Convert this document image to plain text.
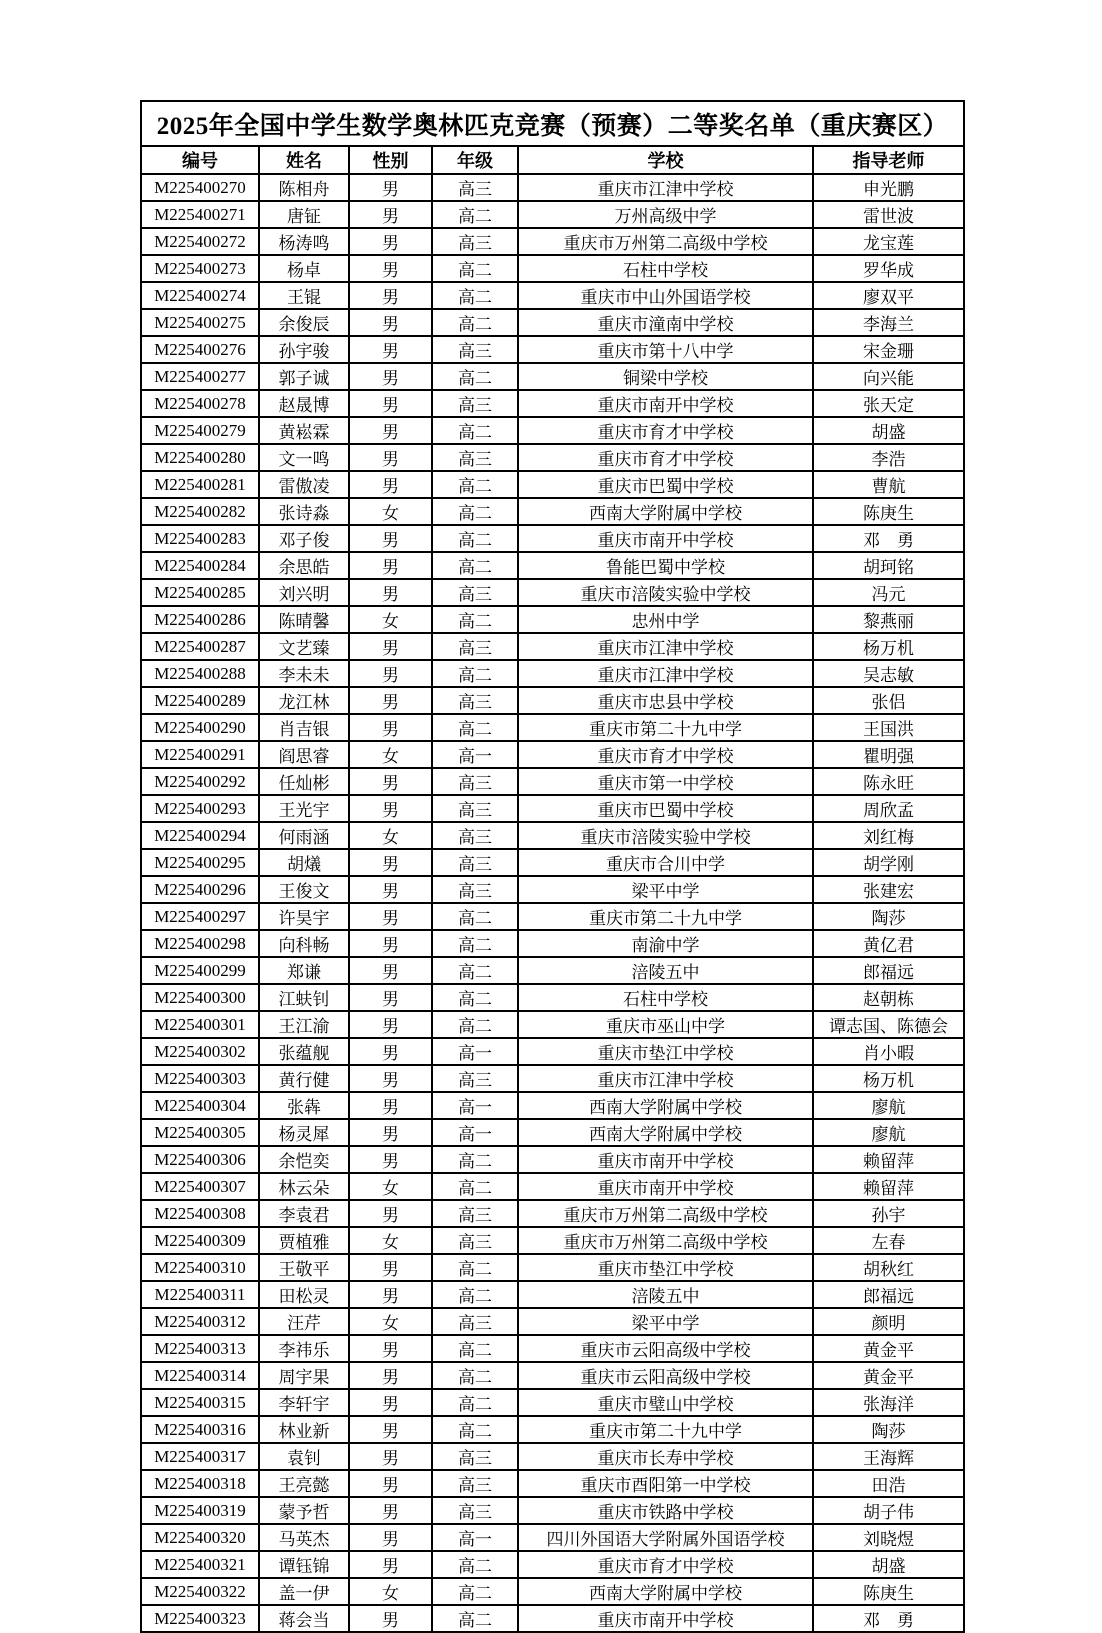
2025年全国中学生数学奥林匹克竞赛（预赛）二等奖名单（重庆赛区）					
编号	姓名	性别	年级	学校	指导老师
M225400270	陈相舟	男	高三	重庆市江津中学校	申光鹏
M225400271	唐钲	男	高二	万州高级中学	雷世波
M225400272	杨涛鸣	男	高三	重庆市万州第二高级中学校	龙宝莲
M225400273	杨卓	男	高二	石柱中学校	罗华成
M225400274	王锟	男	高二	重庆市中山外国语学校	廖双平
M225400275	余俊辰	男	高二	重庆市潼南中学校	李海兰
M225400276	孙宇骏	男	高三	重庆市第十八中学	宋金珊
M225400277	郭子诚	男	高二	铜梁中学校	向兴能
M225400278	赵晟博	男	高三	重庆市南开中学校	张天定
M225400279	黄崧霖	男	高二	重庆市育才中学校	胡盛
M225400280	文一鸣	男	高三	重庆市育才中学校	李浩
M225400281	雷傲凌	男	高二	重庆市巴蜀中学校	曹航
M225400282	张诗淼	女	高二	西南大学附属中学校	陈庚生
M225400283	邓子俊	男	高二	重庆市南开中学校	邓　勇
M225400284	余思皓	男	高二	鲁能巴蜀中学校	胡珂铭
M225400285	刘兴明	男	高三	重庆市涪陵实验中学校	冯元
M225400286	陈晴馨	女	高二	忠州中学	黎燕丽
M225400287	文艺臻	男	高三	重庆市江津中学校	杨万机
M225400288	李未未	男	高二	重庆市江津中学校	吴志敏
M225400289	龙江林	男	高三	重庆市忠县中学校	张侣
M225400290	肖吉银	男	高二	重庆市第二十九中学	王国洪
M225400291	阎思睿	女	高一	重庆市育才中学校	瞿明强
M225400292	任灿彬	男	高三	重庆市第一中学校	陈永旺
M225400293	王光宇	男	高三	重庆市巴蜀中学校	周欣孟
M225400294	何雨涵	女	高三	重庆市涪陵实验中学校	刘红梅
M225400295	胡燨	男	高三	重庆市合川中学	胡学刚
M225400296	王俊文	男	高三	梁平中学	张建宏
M225400297	许昊宇	男	高二	重庆市第二十九中学	陶莎
M225400298	向科畅	男	高二	南渝中学	黄亿君
M225400299	郑谦	男	高二	涪陵五中	郎福远
M225400300	江蚨钊	男	高二	石柱中学校	赵朝栋
M225400301	王江渝	男	高二	重庆市巫山中学	谭志国、陈德会
M225400302	张蕴舰	男	高一	重庆市垫江中学校	肖小暇
M225400303	黄行健	男	高三	重庆市江津中学校	杨万机
M225400304	张犇	男	高一	西南大学附属中学校	廖航
M225400305	杨灵犀	男	高一	西南大学附属中学校	廖航
M225400306	余恺奕	男	高二	重庆市南开中学校	赖留萍
M225400307	林云朵	女	高二	重庆市南开中学校	赖留萍
M225400308	李袁君	男	高三	重庆市万州第二高级中学校	孙宇
M225400309	贾植雅	女	高三	重庆市万州第二高级中学校	左春
M225400310	王敬平	男	高二	重庆市垫江中学校	胡秋红
M225400311	田松灵	男	高二	涪陵五中	郎福远
M225400312	汪芹	女	高三	梁平中学	颜明
M225400313	李祎乐	男	高二	重庆市云阳高级中学校	黄金平
M225400314	周宇果	男	高二	重庆市云阳高级中学校	黄金平
M225400315	李轩宇	男	高二	重庆市璧山中学校	张海洋
M225400316	林业新	男	高二	重庆市第二十九中学	陶莎
M225400317	袁钊	男	高三	重庆市长寿中学校	王海辉
M225400318	王亮懿	男	高三	重庆市酉阳第一中学校	田浩
M225400319	蒙予哲	男	高三	重庆市铁路中学校	胡子伟
M225400320	马英杰	男	高一	四川外国语大学附属外国语学校	刘晓煜
M225400321	谭钰锦	男	高二	重庆市育才中学校	胡盛
M225400322	盖一伊	女	高二	西南大学附属中学校	陈庚生
M225400323	蒋会当	男	高二	重庆市南开中学校	邓　勇
